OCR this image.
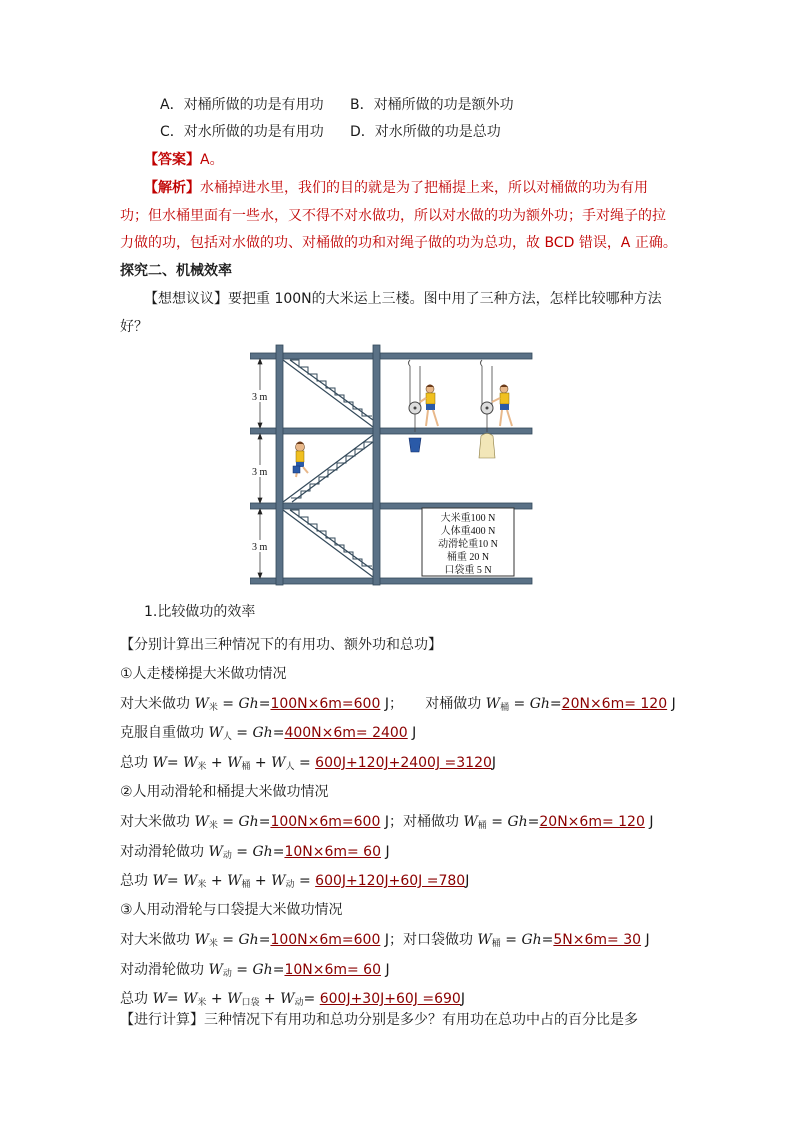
A．对桶所做的功是有用功 B．对桶所做的功是额外功
C．对水所做的功是有用功 D．对水所做的功是总功
【答案】A。
【解析】水桶掉进水里，我们的目的就是为了把桶提上来，所以对桶做的功为有用
功；但水桶里面有一些水，又不得不对水做功，所以对水做的功为额外功；手对绳子的拉
力做的功，包括对水做的功、对桶做的功和对绳子做的功为总功，故 BCD 错误，A 正确。
探究二、机械效率
【想想议议】要把重 100N的大米运上三楼。图中用了三种方法，怎样比较哪种方法
好？
3 m
3 m
3 m
大米重100 N
人体重400 N
动滑轮重10 N
桶重 20 N
口袋重 5 N
1.比较做功的效率
【分别计算出三种情况下的有用功、额外功和总功】
①人走楼梯提大米做功情况
对大米做功 $W_米 = Gh=100N\times 6m=600$ J； 对桶做功 $W_桶 = Gh=20N\times 6m= 120$ J
克服自重做功 $W_人 = Gh=400N\times 6m= 2400$ J
总功 $W= W_米 + W_桶 + W_人 = 600J+120J+2400J =3120J$
②人用动滑轮和桶提大米做功情况
对大米做功 $W_米 = Gh=100N\times 6m=600$ J；对桶做功 $W_桶 = Gh=20N\times 6m= 120$ J
对动滑轮做功 $W_动 = Gh=10N\times 6m= 60$ J
总功 $W= W_米 + W_桶 + W_动 = 600J+120J+60J =780J$
③人用动滑轮与口袋提大米做功情况
对大米做功 $W_米 = Gh=100N\times 6m=600$ J；对口袋做功 $W_桶 = Gh=5N\times 6m= 30$ J
对动滑轮做功 $W_动 = Gh=10N\times 6m= 60$ J
总功 $W= W_米 + W_{口袋} + W_动= 600J+30J+60J =690J$
【进行计算】三种情况下有用功和总功分别是多少？有用功在总功中占的百分比是多
